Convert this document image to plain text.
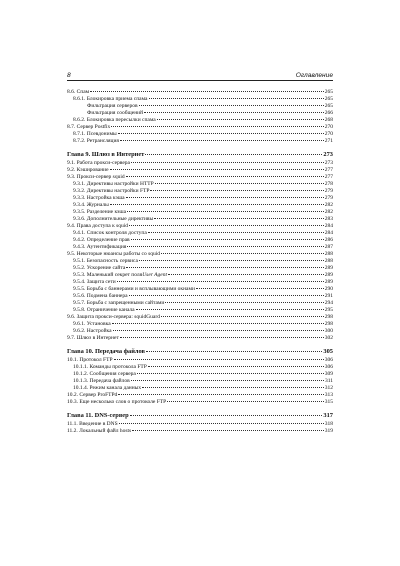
8	Оглавление
8.6. Спам	265
8.6.1. Блокировка приема спама	265
Фильтрация серверов	265
Фильтрация сообщений	266
8.6.2. Блокировка пересылки спама	268
8.7. Сервер Postfix	270
8.7.1. Псевдонимы	270
8.7.2. Ретрансляция	271
Глава 9. Шлюз в Интернет	273
9.1. Работа прокси-сервера	273
9.2. Кэширование	277
9.3. Прокси-сервер squid	277
9.3.1. Директивы настройки HTTP	278
9.3.2. Директивы настройки FTP	279
9.3.3. Настройка кэша	279
9.3.4. Журналы	282
9.3.5. Разделение кэша	282
9.3.6. Дополнительные директивы	283
9.4. Права доступа к squid	284
9.4.1. Список контроля доступа	284
9.4.2. Определение прав	286
9.4.3. Аутентификация	287
9.5. Некоторые нюансы работы со squid	288
9.5.1. Безопасность сервиса	288
9.5.2. Ускорение сайта	289
9.5.3. Маленький секрет поля User Agent	289
9.5.4. Защита сети	289
9.5.5. Борьба с баннерами и всплывающими окнами	290
9.5.6. Подмена баннера	291
9.5.7. Борьба с запрещенными сайтами	294
9.5.8. Ограничение канала	295
9.6. Защита прокси-сервера: squidGuard	298
9.6.1. Установка	298
9.6.2. Настройка	300
9.7. Шлюз в Интернет	302
Глава 10. Передача файлов	305
10.1. Протокол FTP	306
10.1.1. Команды протокола FTP	306
10.1.2. Сообщения сервера	309
10.1.3. Передача файлов	311
10.1.4. Режим канала данных	312
10.2. Сервер ProFTPd	313
10.3. Еще несколько слов о протоколе FTP	315
Глава 11. DNS-сервер	317
11.1. Введение в DNS	318
11.2. Локальный файл hosts	319
